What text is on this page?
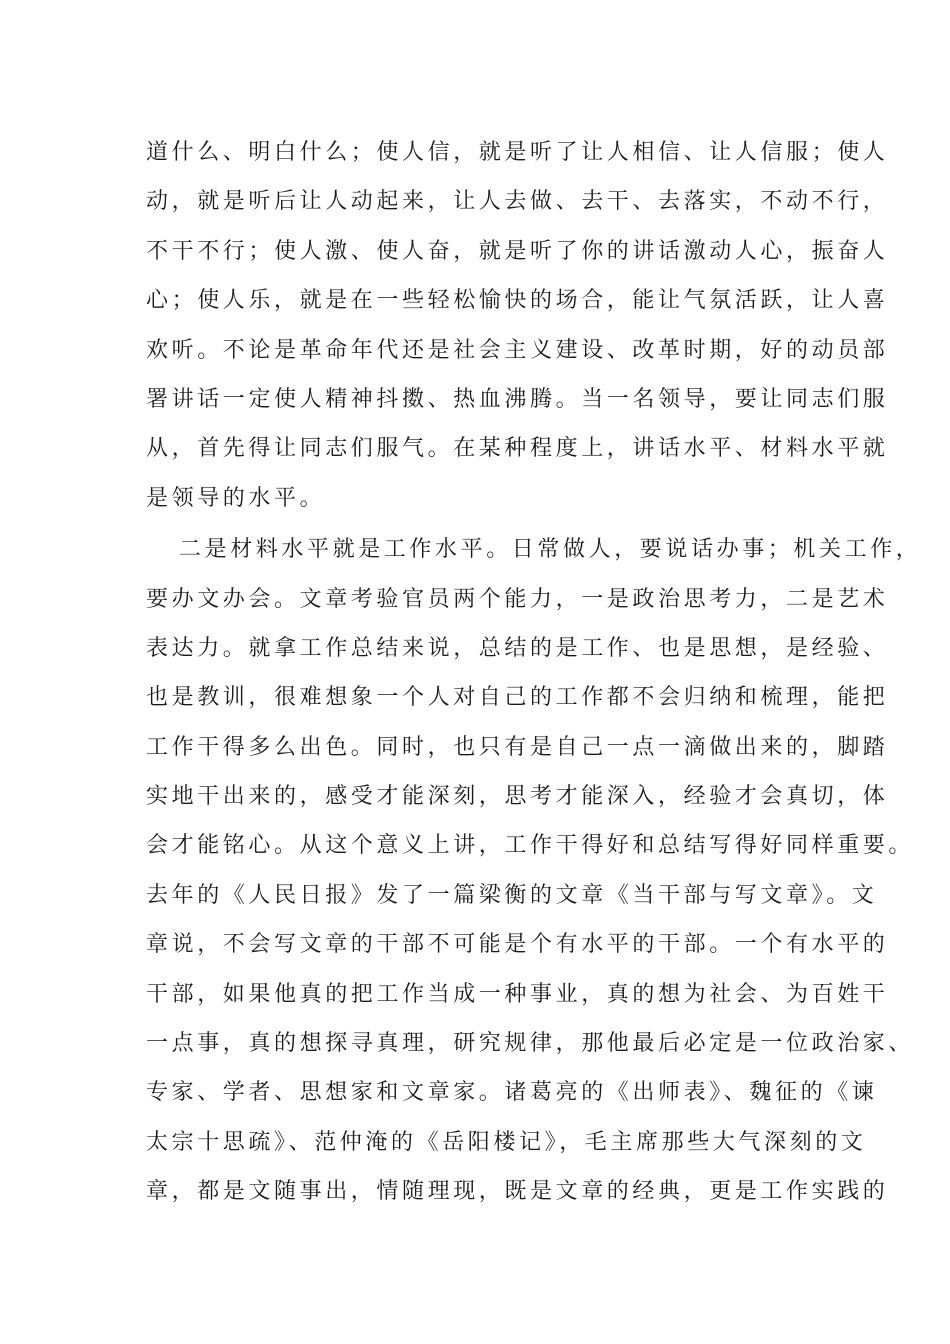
道什么、明白什么；使人信，就是听了让人相信、让人信服；使人
动，就是听后让人动起来，让人去做、去干、去落实，不动不行，
不干不行；使人激、使人奋，就是听了你的讲话激动人心，振奋人
心；使人乐，就是在一些轻松愉快的场合，能让气氛活跃，让人喜
欢听。不论是革命年代还是社会主义建设、改革时期，好的动员部
署讲话一定使人精神抖擞、热血沸腾。当一名领导，要让同志们服
从，首先得让同志们服气。在某种程度上，讲话水平、材料水平就
是领导的水平。
二是材料水平就是工作水平。日常做人，要说话办事；机关工作，
要办文办会。文章考验官员两个能力，一是政治思考力，二是艺术
表达力。就拿工作总结来说，总结的是工作、也是思想，是经验、
也是教训，很难想象一个人对自己的工作都不会归纳和梳理，能把
工作干得多么出色。同时，也只有是自己一点一滴做出来的，脚踏
实地干出来的，感受才能深刻，思考才能深入，经验才会真切，体
会才能铭心。从这个意义上讲，工作干得好和总结写得好同样重要。
去年的《人民日报》发了一篇梁衡的文章《当干部与写文章》。文
章说，不会写文章的干部不可能是个有水平的干部。一个有水平的
干部，如果他真的把工作当成一种事业，真的想为社会、为百姓干
一点事，真的想探寻真理，研究规律，那他最后必定是一位政治家、
专家、学者、思想家和文章家。诸葛亮的《出师表》、魏征的《谏
太宗十思疏》、范仲淹的《岳阳楼记》，毛主席那些大气深刻的文
章，都是文随事出，情随理现，既是文章的经典，更是工作实践的
